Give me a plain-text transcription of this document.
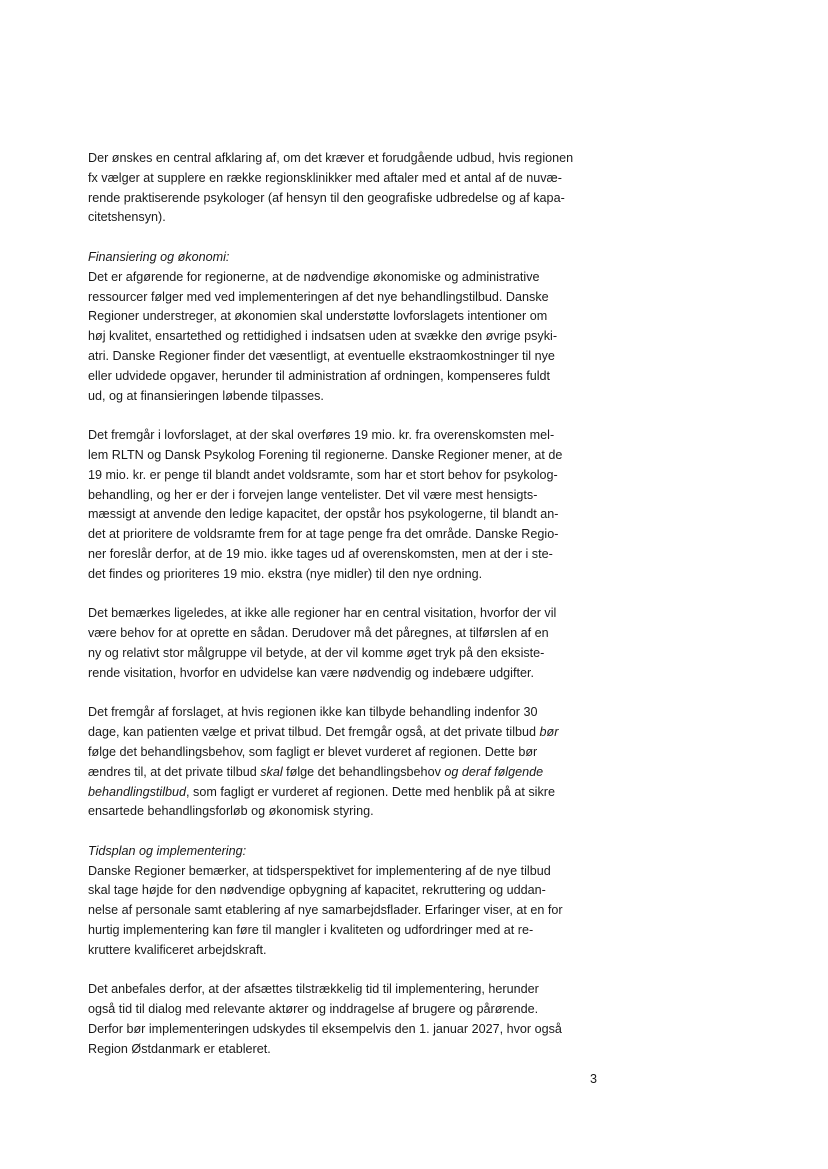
Der ønskes en central afklaring af, om det kræver et forudgående udbud, hvis regionen
fx vælger at supplere en række regionsklinikker med aftaler med et antal af de nuvæ-
rende praktiserende psykologer (af hensyn til den geografiske udbredelse og af kapa-
citetshensyn).

Finansiering og økonomi:
Det er afgørende for regionerne, at de nødvendige økonomiske og administrative
ressourcer følger med ved implementeringen af det nye behandlingstilbud. Danske
Regioner understreger, at økonomien skal understøtte lovforslagets intentioner om
høj kvalitet, ensartethed og rettidighed i indsatsen uden at svække den øvrige psyki-
atri. Danske Regioner finder det væsentligt, at eventuelle ekstraomkostninger til nye
eller udvidede opgaver, herunder til administration af ordningen, kompenseres fuldt
ud, og at finansieringen løbende tilpasses.

Det fremgår i lovforslaget, at der skal overføres 19 mio. kr. fra overenskomsten mel-
lem RLTN og Dansk Psykolog Forening til regionerne. Danske Regioner mener, at de
19 mio. kr. er penge til blandt andet voldsramte, som har et stort behov for psykolog-
behandling, og her er der i forvejen lange ventelister. Det vil være mest hensigts-
mæssigt at anvende den ledige kapacitet, der opstår hos psykologerne, til blandt an-
det at prioritere de voldsramte frem for at tage penge fra det område. Danske Regio-
ner foreslår derfor, at de 19 mio. ikke tages ud af overenskomsten, men at der i ste-
det findes og prioriteres 19 mio. ekstra (nye midler) til den nye ordning.

Det bemærkes ligeledes, at ikke alle regioner har en central visitation, hvorfor der vil
være behov for at oprette en sådan. Derudover må det påregnes, at tilførslen af en
ny og relativt stor målgruppe vil betyde, at der vil komme øget tryk på den eksiste-
rende visitation, hvorfor en udvidelse kan være nødvendig og indebære udgifter.

Det fremgår af forslaget, at hvis regionen ikke kan tilbyde behandling indenfor 30
dage, kan patienten vælge et privat tilbud. Det fremgår også, at det private tilbud bør
følge det behandlingsbehov, som fagligt er blevet vurderet af regionen. Dette bør
ændres til, at det private tilbud skal følge det behandlingsbehov og deraf følgende
behandlingstilbud, som fagligt er vurderet af regionen. Dette med henblik på at sikre
ensartede behandlingsforløb og økonomisk styring.

Tidsplan og implementering:
Danske Regioner bemærker, at tidsperspektivet for implementering af de nye tilbud
skal tage højde for den nødvendige opbygning af kapacitet, rekruttering og uddan-
nelse af personale samt etablering af nye samarbejdsflader. Erfaringer viser, at en for
hurtig implementering kan føre til mangler i kvaliteten og udfordringer med at re-
kruttere kvalificeret arbejdskraft.

Det anbefales derfor, at der afsættes tilstrækkelig tid til implementering, herunder
også tid til dialog med relevante aktører og inddragelse af brugere og pårørende.
Derfor bør implementeringen udskydes til eksempelvis den 1. januar 2027, hvor også
Region Østdanmark er etableret.

3
